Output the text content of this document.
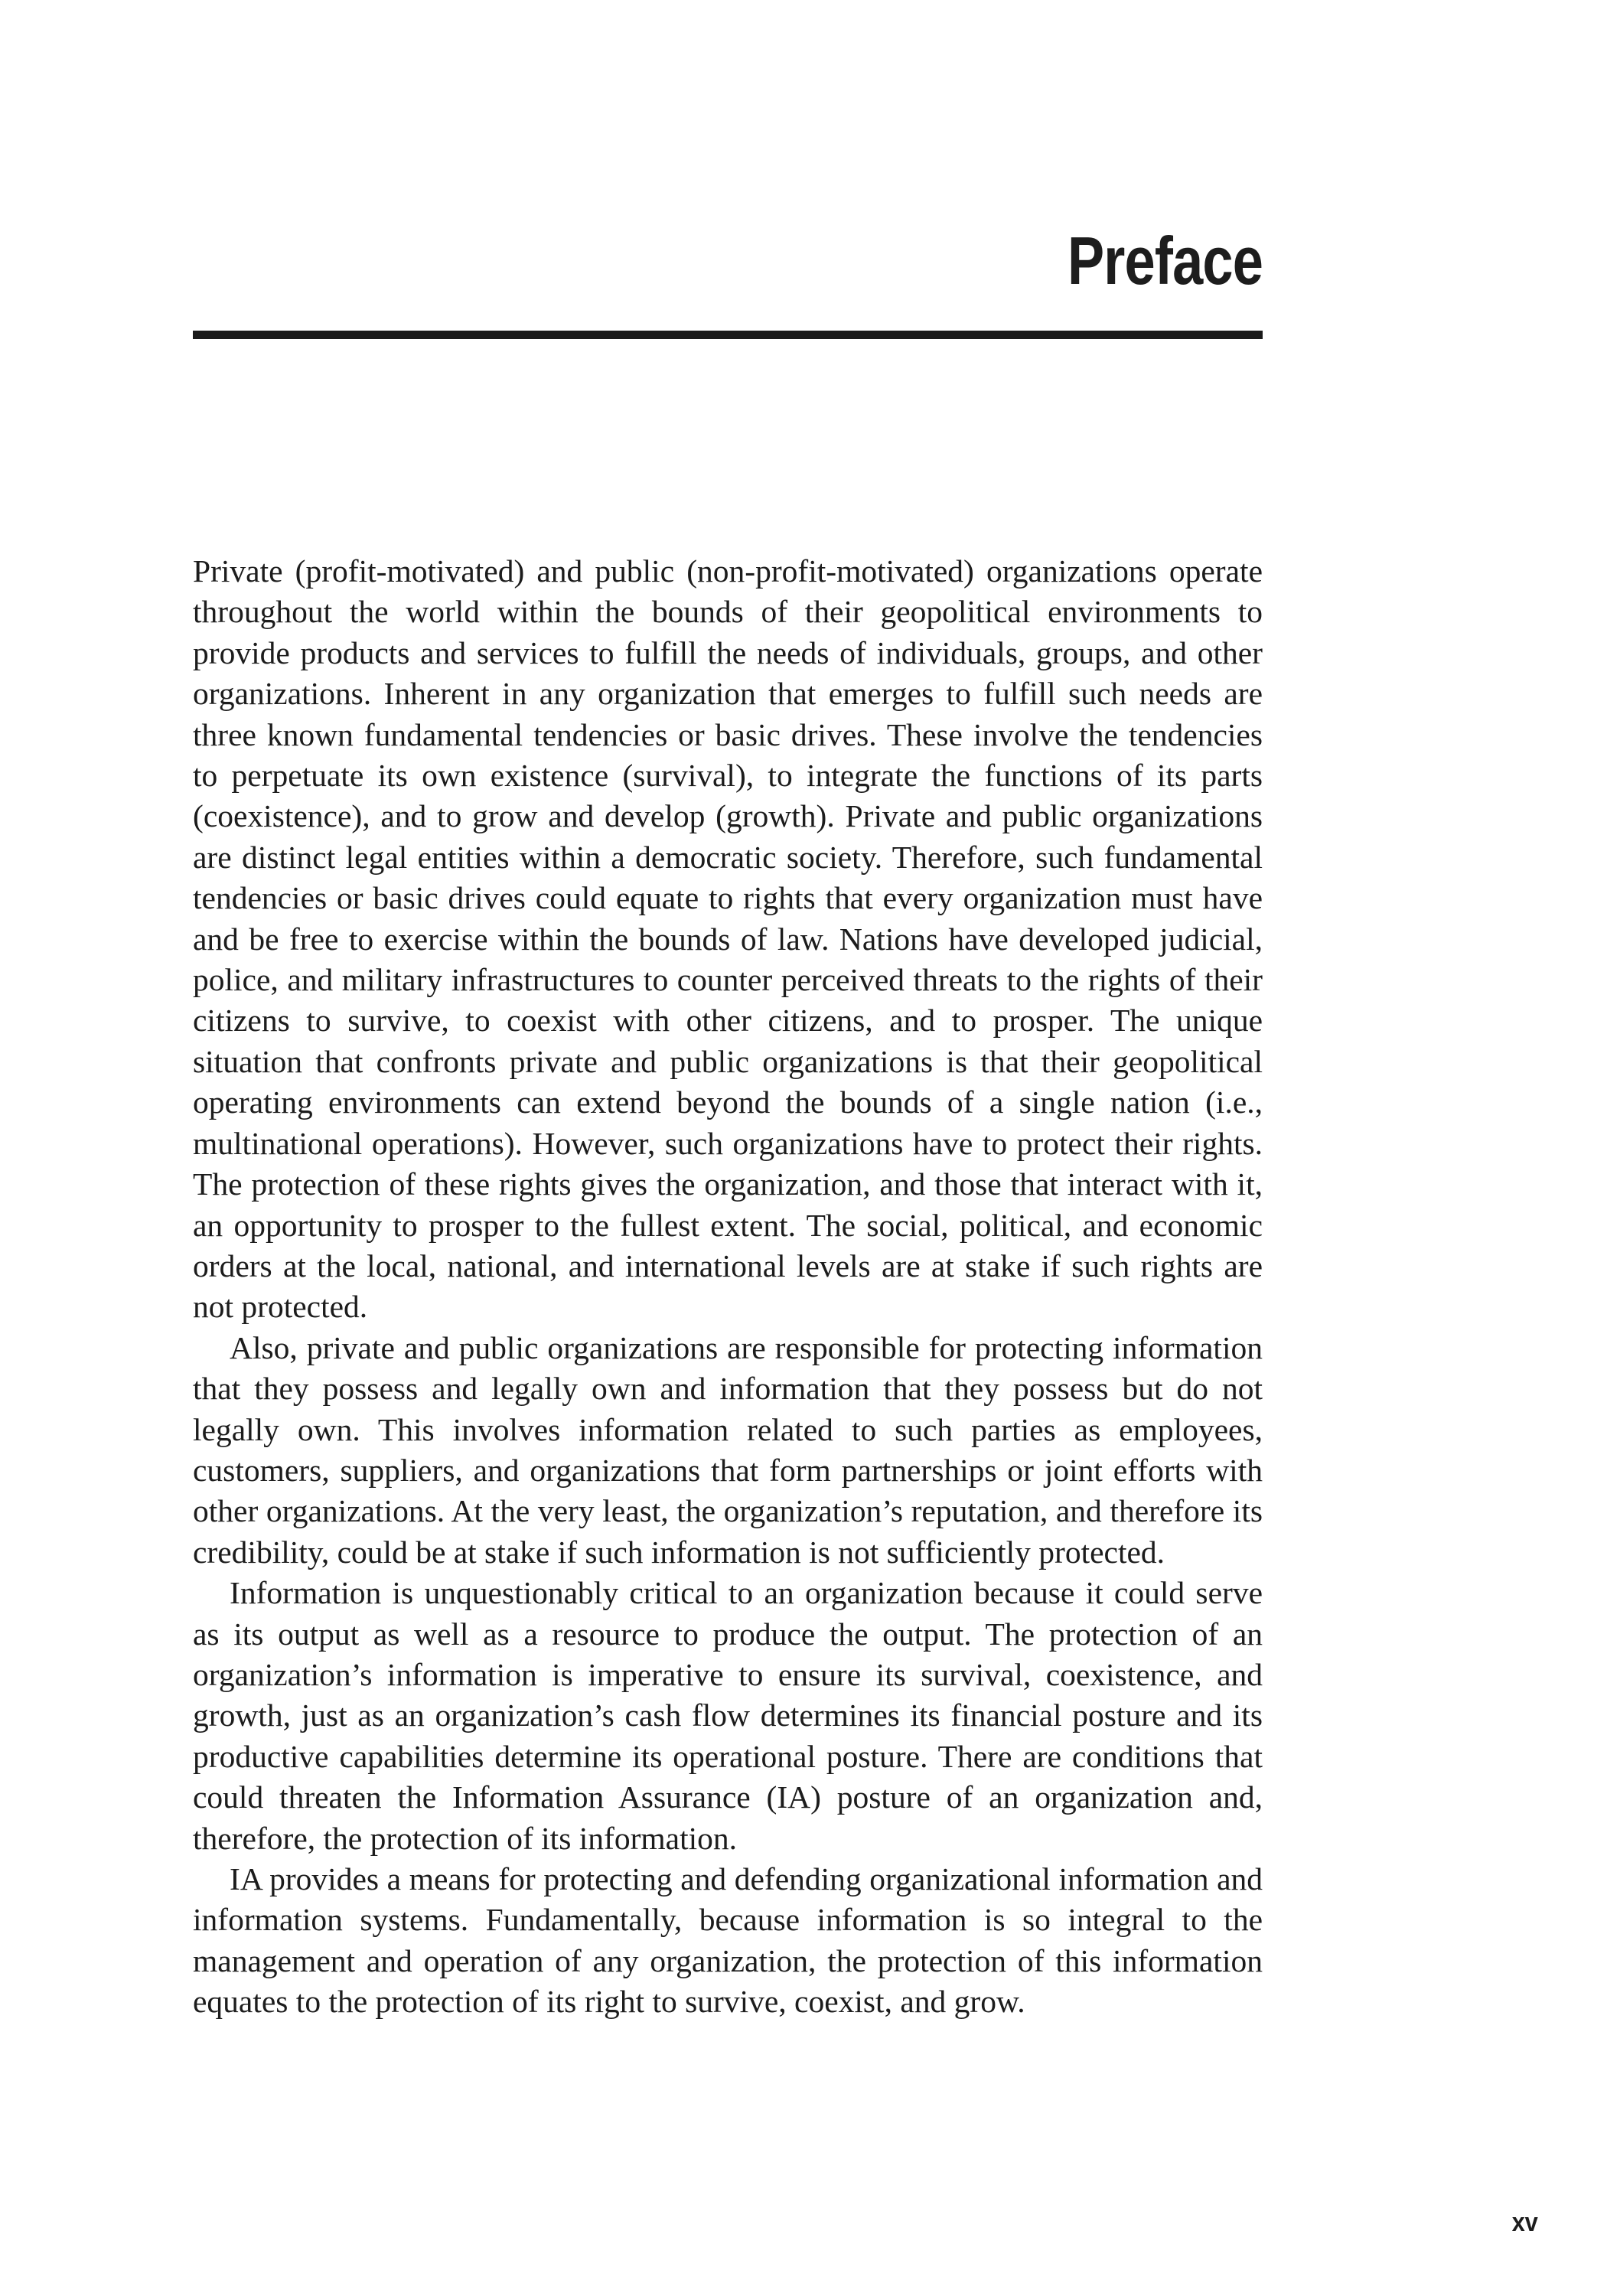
Preface

Private (profit-motivated) and public (non-profit-motivated) organizations operate throughout the world within the bounds of their geopolitical environments to provide products and services to fulfill the needs of individuals, groups, and other organizations. Inherent in any organization that emerges to fulfill such needs are three known fundamental tendencies or basic drives. These involve the tendencies to perpetuate its own existence (survival), to integrate the functions of its parts (coexistence), and to grow and develop (growth). Private and public organizations are distinct legal entities within a democratic society. Therefore, such fundamental tendencies or basic drives could equate to rights that every organization must have and be free to exercise within the bounds of law. Nations have developed judicial, police, and military infrastructures to counter perceived threats to the rights of their citizens to survive, to coexist with other citizens, and to prosper. The unique situation that confronts private and public organizations is that their geopolitical operating environments can extend beyond the bounds of a single nation (i.e., multinational operations). However, such organizations have to protect their rights. The protection of these rights gives the organization, and those that interact with it, an opportunity to prosper to the fullest extent. The social, political, and economic orders at the local, national, and international levels are at stake if such rights are not protected.

Also, private and public organizations are responsible for protecting information that they possess and legally own and information that they possess but do not legally own. This involves information related to such parties as employees, customers, suppliers, and organizations that form partnerships or joint efforts with other organizations. At the very least, the organization’s reputation, and therefore its credibility, could be at stake if such information is not sufficiently protected.

Information is unquestionably critical to an organization because it could serve as its output as well as a resource to produce the output. The protection of an organization’s information is imperative to ensure its survival, coexistence, and growth, just as an organization’s cash flow determines its financial posture and its productive capabilities determine its operational posture. There are conditions that could threaten the Information Assurance (IA) posture of an organization and, therefore, the protection of its information.

IA provides a means for protecting and defending organizational information and information systems. Fundamentally, because information is so integral to the management and operation of any organization, the protection of this information equates to the protection of its right to survive, coexist, and grow.

xv
